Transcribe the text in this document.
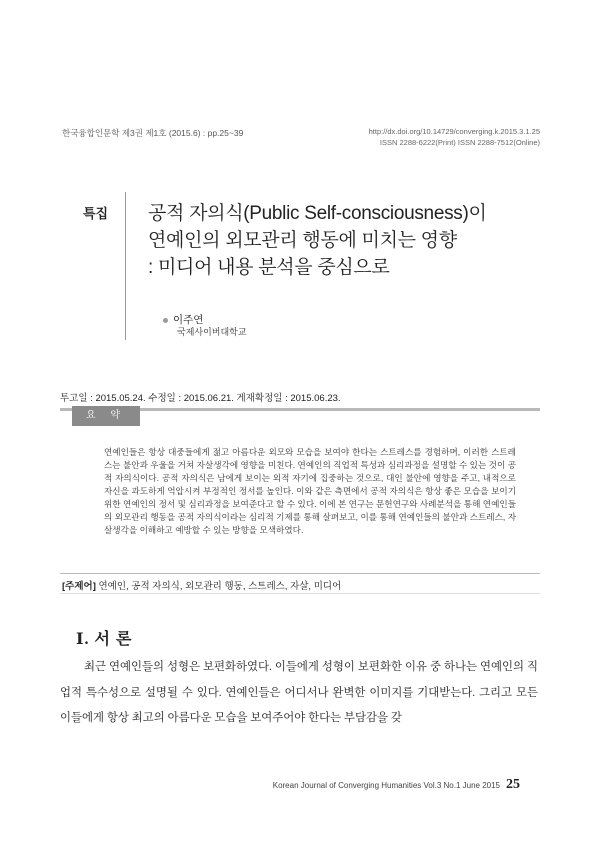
한국융합인문학 제3권 제1호 (2015.6) : pp.25~39	http://dx.doi.org/10.14729/converging.k.2015.3.1.25
ISSN 2288-6222(Print) ISSN 2288-7512(Online)
특집 공적 자의식(Public Self-consciousness)이
연예인의 외모관리 행동에 미치는 영향
: 미디어 내용 분석을 중심으로
이주연
국제사이버대학교
투고일 : 2015.05.24. 수정일 : 2015.06.21. 게재확정일 : 2015.06.23.
요 약
연예인들은 항상 대중들에게 젊고 아름다운 외모와 모습을 보여야 한다는 스트레스를 경험하며, 이러한 스트레스는 불안과 우울을 거쳐 자살생각에 영향을 미친다. 연예인의 직업적 특성과 심리과정을 설명할 수 있는 것이 공적 자의식이다. 공적 자의식은 남에게 보이는 외적 자기에 집중하는 것으로, 대인 불안에 영향을 주고, 내적으로 자신을 과도하게 억압시켜 부정적인 정서를 높인다. 이와 같은 측면에서 공적 자의식은 항상 좋은 모습을 보이기 위한 연예인의 정서 및 심리과정을 보여준다고 할 수 있다. 이에 본 연구는 문헌연구와 사례분석을 통해 연예인들의 외모관리 행동을 공적 자의식이라는 심리적 기제를 통해 살펴보고, 이를 통해 연예인들의 불안과 스트레스, 자살생각을 이해하고 예방할 수 있는 방향을 모색하였다.
[주제어] 연예인, 공적 자의식, 외모관리 행동, 스트레스, 자살, 미디어
Ⅰ. 서 론
최근 연예인들의 성형은 보편화하였다. 이들에게 성형이 보편화한 이유 중 하나는 연예인의 직업적 특수성으로 설명될 수 있다. 연예인들은 어디서나 완벽한 이미지를 기대받는다. 그리고 모든 이들에게 항상 최고의 아름다운 모습을 보여주어야 한다는 부담감을 갖
Korean Journal of Converging Humanities Vol.3 No.1 June 2015 25
